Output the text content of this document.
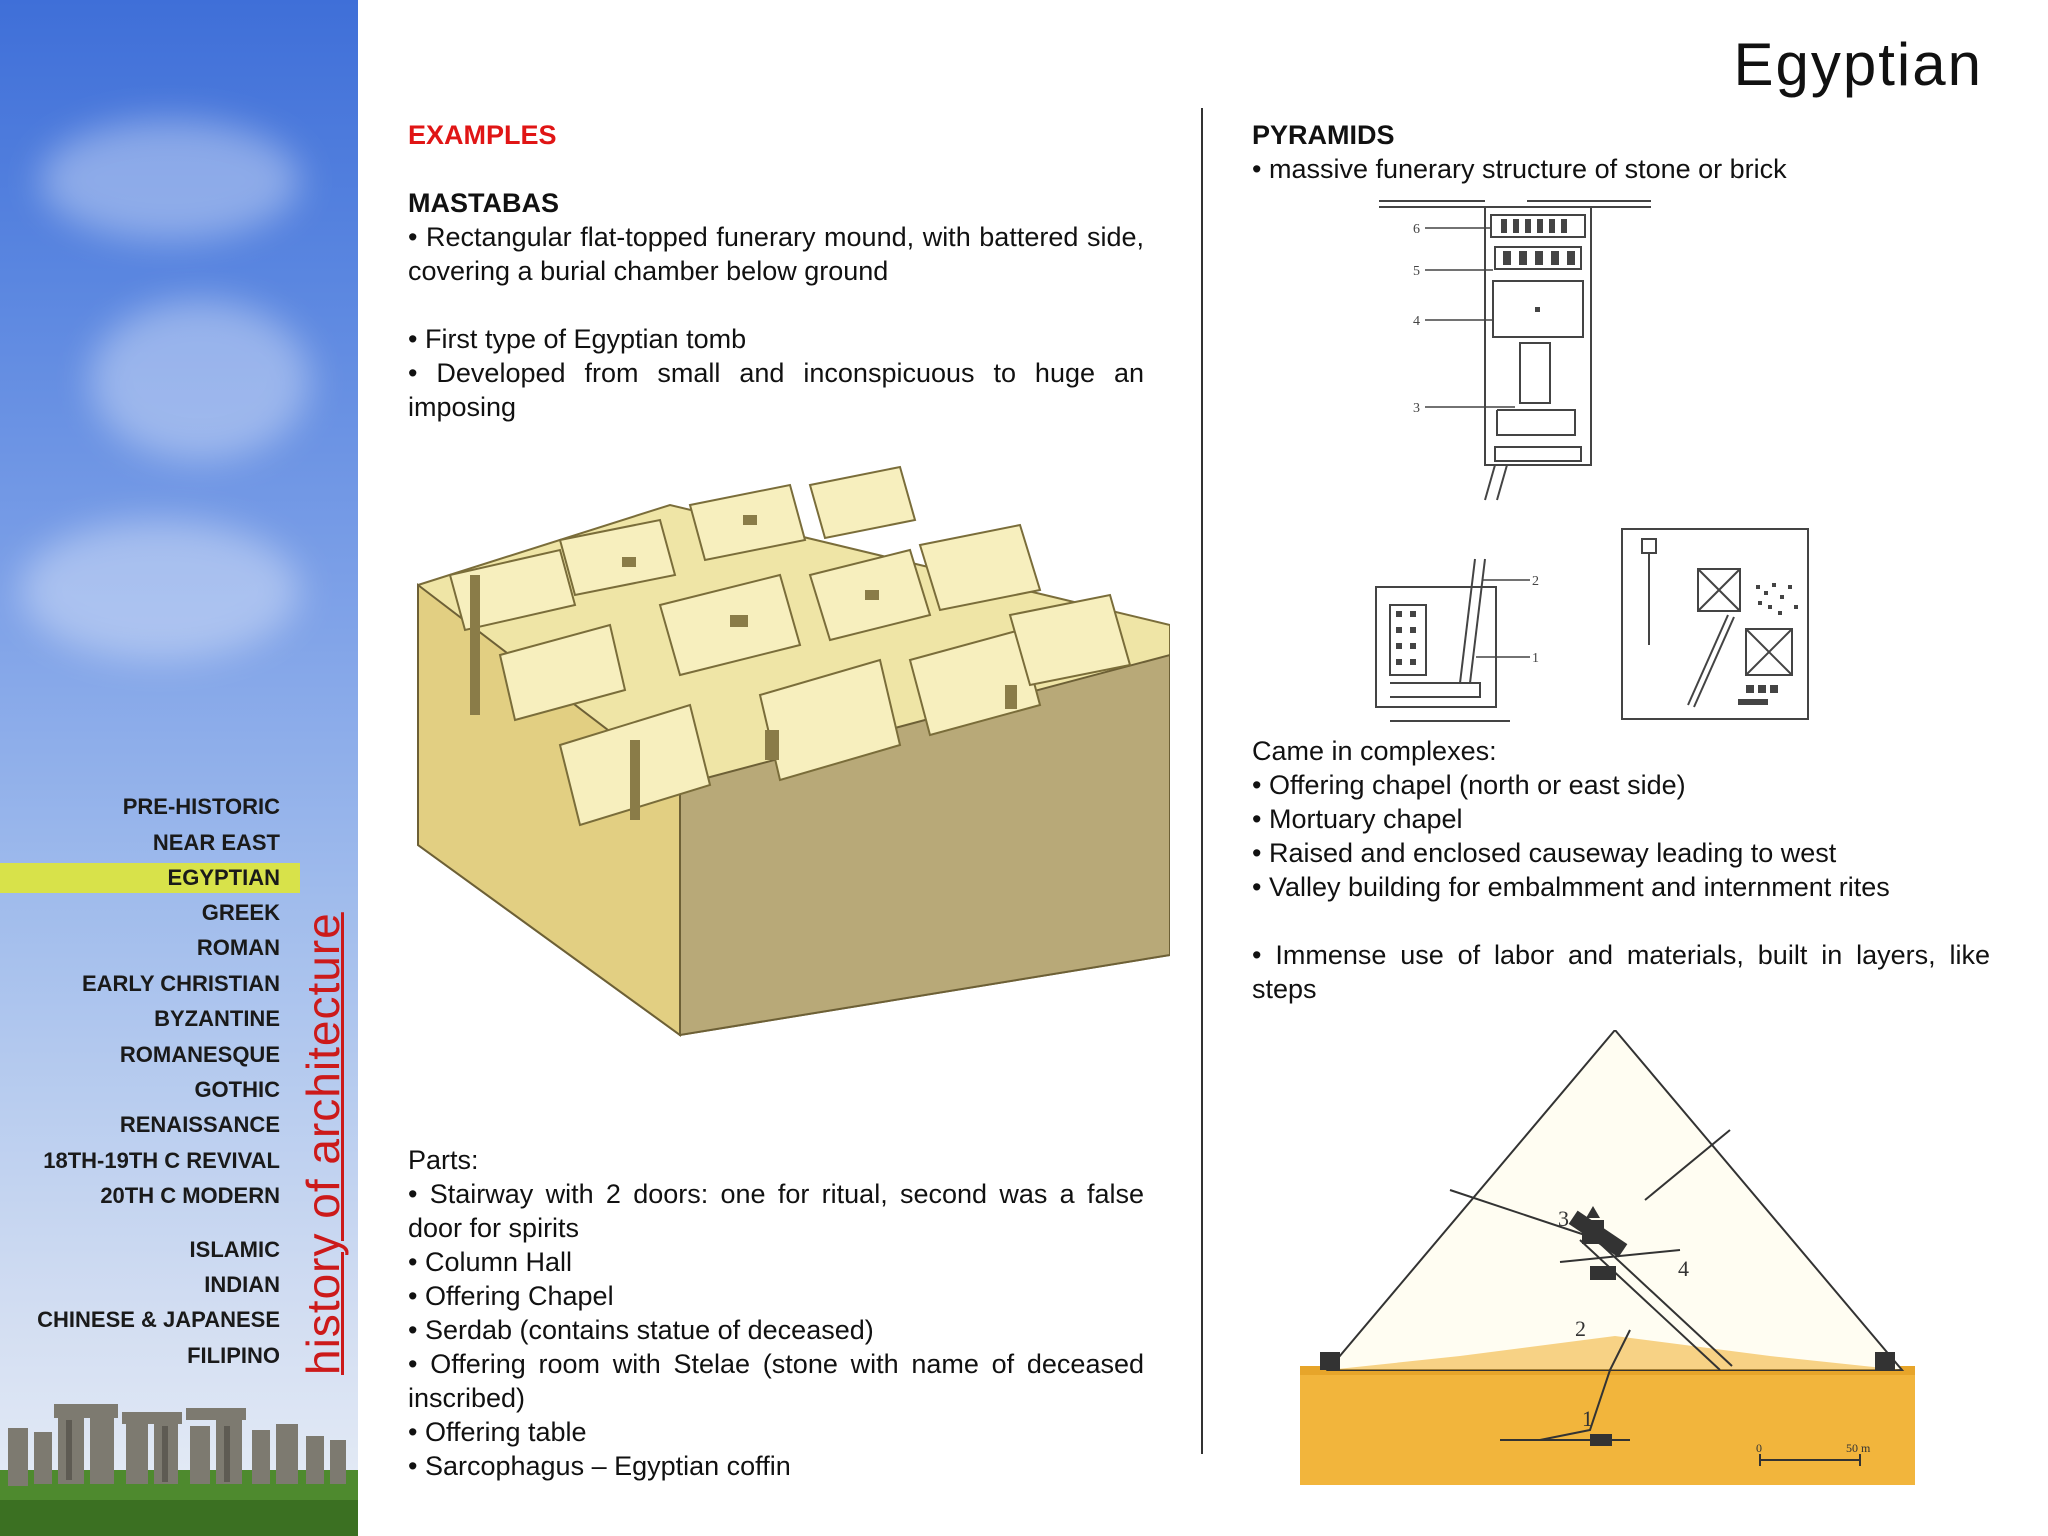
PRE-HISTORIC
NEAR EAST
EGYPTIAN
GREEK
ROMAN
EARLY CHRISTIAN
BYZANTINE
ROMANESQUE
GOTHIC
RENAISSANCE
18TH-19TH C REVIVAL
20TH C MODERN
ISLAMIC
INDIAN
CHINESE & JAPANESE
FILIPINO history of architecture
Egyptian
EXAMPLES
MASTABAS
• Rectangular flat-topped funerary mound, with battered side, covering a burial chamber below ground
• First type of Egyptian tomb
• Developed from small and inconspicuous to huge an imposing
Parts:
• Stairway with 2 doors: one for ritual, second was a false door for spirits
• Column Hall
• Offering Chapel
• Serdab (contains statue of deceased)
• Offering room with Stelae (stone with name of deceased inscribed)
• Offering table
• Sarcophagus – Egyptian coffin
PYRAMIDS
• massive funerary structure of stone or brick
6
5
4
3
2
1
Came in complexes:
• Offering chapel (north or east side)
• Mortuary chapel
• Raised and enclosed causeway leading to west
• Valley building for embalmment and internment rites
• Immense use of labor and materials, built in layers, like steps
3
4
2
1
0	50 m
